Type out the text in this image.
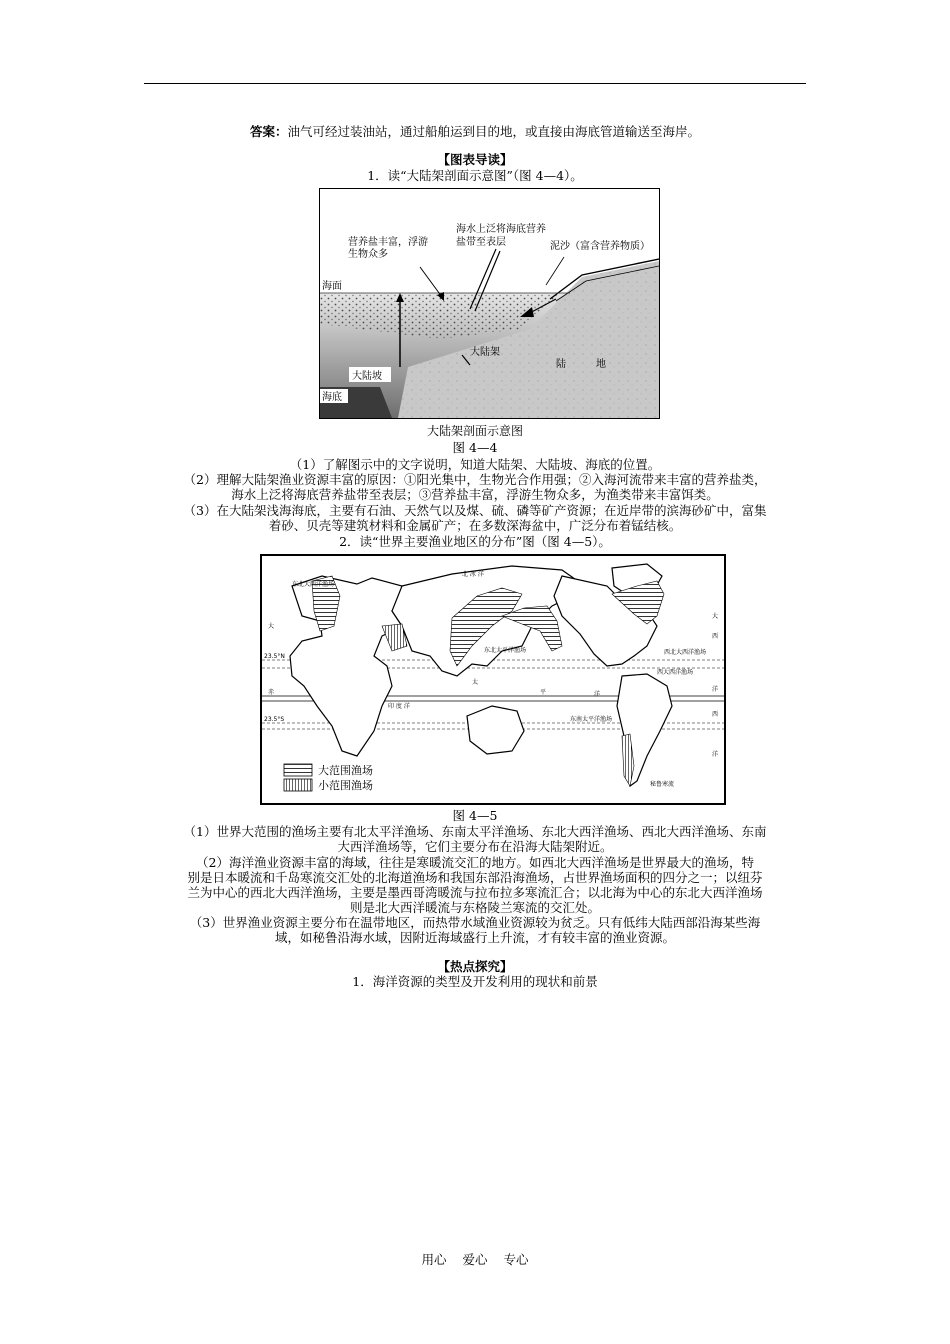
答案：油气可经过装油站，通过船舶运到目的地，或直接由海底管道输送至海岸。
【图表导读】
1．读“大陆架剖面示意图”（图 4—4）。
营养盐丰富，浮游
生物众多
海水上泛将海底营养
盐带至表层	泥沙（富含营养物质）
海面
大陆架
陆	地
大陆坡
海底
大陆架剖面示意图
图 4—4
（1）了解图示中的文字说明，知道大陆架、大陆坡、海底的位置。
（2）理解大陆架渔业资源丰富的原因：①阳光集中，生物光合作用强；②入海河流带来丰富的营养盐类，
海水上泛将海底营养盐带至表层；③营养盐丰富，浮游生物众多，为渔类带来丰富饵类。
（3）在大陆架浅海海底，主要有石油、天然气以及煤、硫、磷等矿产资源；在近岸带的滨海砂矿中，富集
着砂、贝壳等建筑材料和金属矿产；在多数深海盆中，广泛分布着锰结核。
2．读“世界主要渔业地区的分布”图（图 4—5）。
北 冰 洋
东北大西洋渔场
大
23.5°N
23.5°S
赤
印 度 洋
太
平	洋
东北太平洋渔场
东南太平洋渔场
西北大西洋渔场
大
秘鲁寒流
西大西洋渔场
西
洋
西
洋
大范围渔场
小范围渔场
图 4—5
（1）世界大范围的渔场主要有北太平洋渔场、东南太平洋渔场、东北大西洋渔场、西北大西洋渔场、东南
大西洋渔场等，它们主要分布在沿海大陆架附近。
（2）海洋渔业资源丰富的海域，往往是寒暖流交汇的地方。如西北大西洋渔场是世界最大的渔场，特
别是日本暖流和千岛寒流交汇处的北海道渔场和我国东部沿海渔场，占世界渔场面积的四分之一；以纽芬
兰为中心的西北大西洋渔场，主要是墨西哥湾暖流与拉布拉多寒流汇合；以北海为中心的东北大西洋渔场
则是北大西洋暖流与东格陵兰寒流的交汇处。
（3）世界渔业资源主要分布在温带地区，而热带水域渔业资源较为贫乏。只有低纬大陆西部沿海某些海
域，如秘鲁沿海水域，因附近海域盛行上升流，才有较丰富的渔业资源。
【热点探究】
1．海洋资源的类型及开发利用的现状和前景
用心 爱心 专心
